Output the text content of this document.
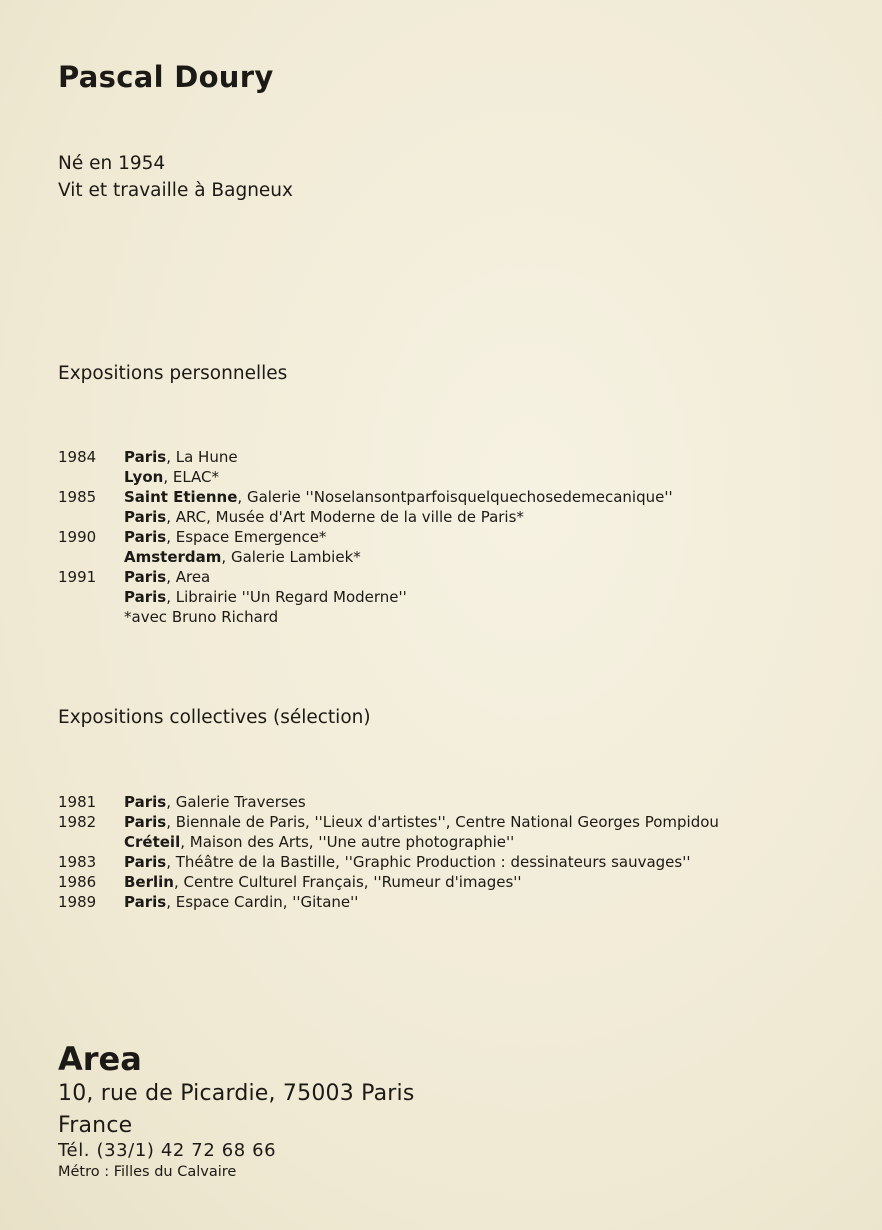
Pascal Doury
Né en 1954
Vit et travaille à Bagneux
Expositions personnelles
1984	Paris, La Hune
Lyon, ELAC*
1985	Saint Etienne, Galerie ''Noselansontparfoisquelquechosedemecanique''
Paris, ARC, Musée d'Art Moderne de la ville de Paris*
1990	Paris, Espace Emergence*
Amsterdam, Galerie Lambiek*
1991	Paris, Area
Paris, Librairie ''Un Regard Moderne''
*avec Bruno Richard
Expositions collectives (sélection)
1981	Paris, Galerie Traverses
1982	Paris, Biennale de Paris, ''Lieux d'artistes'', Centre National Georges Pompidou
Créteil, Maison des Arts, ''Une autre photographie''
1983	Paris, Théâtre de la Bastille, ''Graphic Production : dessinateurs sauvages''
1986	Berlin, Centre Culturel Français, ''Rumeur d'images''
1989	Paris, Espace Cardin, ''Gitane''
Area
10, rue de Picardie, 75003 Paris
France
Tél. (33/1) 42 72 68 66
Métro : Filles du Calvaire
